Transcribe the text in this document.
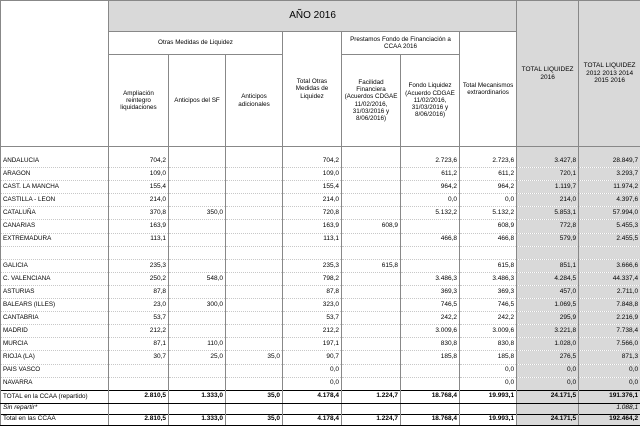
	AÑO 2016							TOTAL LIQUIDEZ 2016	TOTAL LIQUIDEZ 2012 2013 2014 2015 2016
	Otras Medidas de Liquidez			Total Otras Medidas de Liquidez	Prestamos Fondo de Financiación a CCAA 2016		Total Mecanismos extraordinarios		
	Ampliación reintegro liquidaciones	Anticipos del SF	Anticipos adicionales		Facilidad Financiera (Acuerdos CDGAE 11/02/2016, 31/03/2016 y 8/06/2016)	Fondo Liquidez (Acuerdo CDGAE 11/02/2016, 31/03/2016 y 8/06/2016)			

ANDALUCIA	704,2			704,2		2.723,6	2.723,6	3.427,8	28.849,7
ARAGON	109,0			109,0		611,2	611,2	720,1	3.293,7
CAST. LA MANCHA	155,4			155,4		964,2	964,2	1.119,7	11.974,2
CASTILLA - LEON	214,0			214,0		0,0	0,0	214,0	4.397,6
CATALUÑA	370,8	350,0		720,8		5.132,2	5.132,2	5.853,1	57.994,0
CANARIAS	163,9			163,9	608,9		608,9	772,8	5.455,3
EXTREMADURA	113,1			113,1		466,8	466,8	579,9	2.455,5

GALICIA	235,3			235,3	615,8		615,8	851,1	3.666,6
C. VALENCIANA	250,2	548,0		798,2		3.486,3	3.486,3	4.284,5	44.337,4
ASTURIAS	87,8			87,8		369,3	369,3	457,0	2.711,0
BALEARS (ILLES)	23,0	300,0		323,0		746,5	746,5	1.069,5	7.848,8
CANTABRIA	53,7			53,7		242,2	242,2	295,9	2.216,9
MADRID	212,2			212,2		3.009,6	3.009,6	3.221,8	7.738,4
MURCIA	87,1	110,0		197,1		830,8	830,8	1.028,0	7.566,0
RIOJA (LA)	30,7	25,0	35,0	90,7		185,8	185,8	276,5	871,3
PAIS VASCO				0,0			0,0	0,0	0,0
NAVARRA				0,0			0,0	0,0	0,0
TOTAL en la CCAA (repartido)	2.810,5	1.333,0	35,0	4.178,4	1.224,7	18.768,4	19.993,1	24.171,5	191.376,1
Sin repartir*									1.088,1
Total en las CCAA	2.810,5	1.333,0	35,0	4.178,4	1.224,7	18.768,4	19.993,1	24.171,5	192.464,2
